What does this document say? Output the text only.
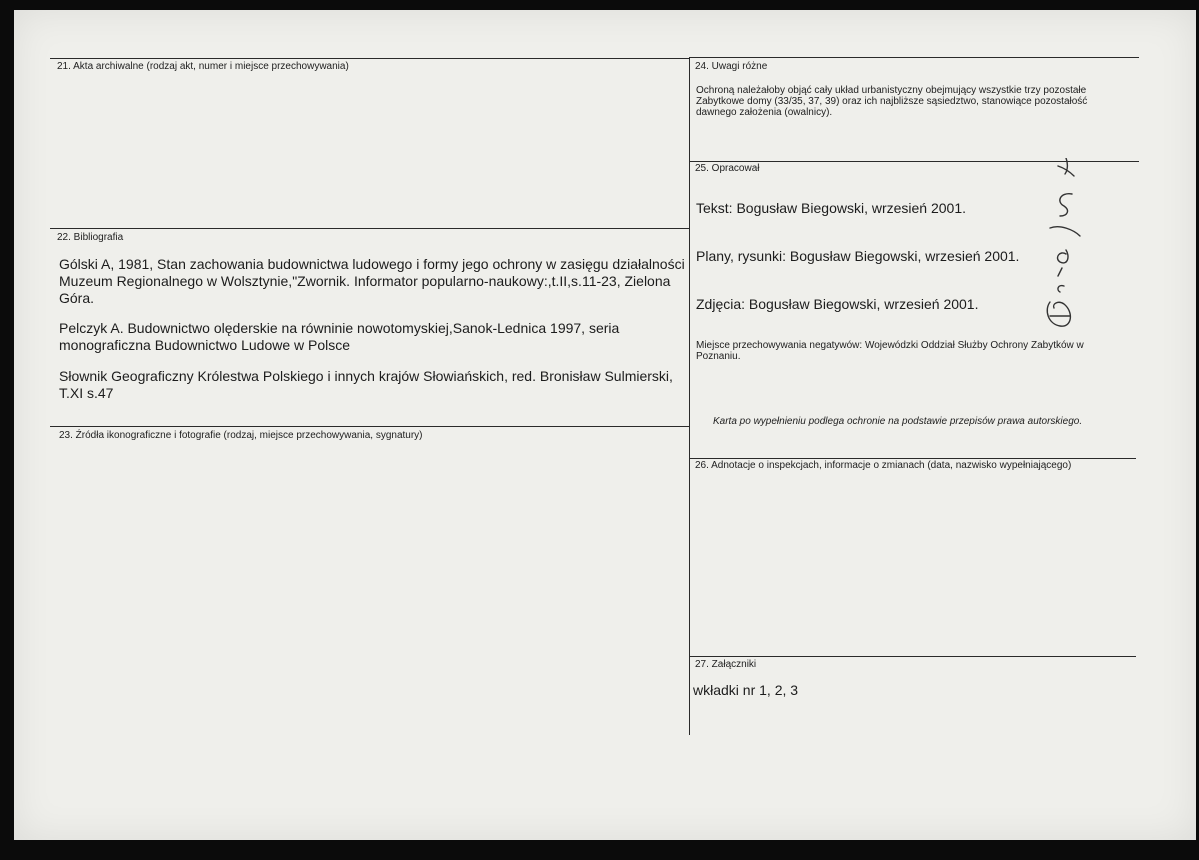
21. Akta archiwalne (rodzaj akt, numer i miejsce przechowywania)
22. Bibliografia
Gólski A, 1981, Stan zachowania budownictwa ludowego i formy jego ochrony w zasięgu działalności Muzeum Regionalnego w Wolsztynie,"Zwornik. Informator popularno-naukowy:,t.II,s.11-23, Zielona Góra.
Pelczyk A. Budownictwo olęderskie na równinie nowotomyskiej,Sanok-Lednica 1997, seria monograficzna Budownictwo Ludowe w Polsce
Słownik Geograficzny Królestwa Polskiego i innych krajów Słowiańskich, red. Bronisław Sulmierski, T.XI s.47
23. Źródła ikonograficzne i fotografie (rodzaj, miejsce przechowywania, sygnatury)
24. Uwagi różne
Ochroną należałoby objąć cały układ urbanistyczny obejmujący wszystkie trzy pozostałe Zabytkowe domy (33/35, 37, 39) oraz ich najbliższe sąsiedztwo, stanowiące pozostałość dawnego założenia (owalnicy).
25. Opracował
Tekst: Bogusław Biegowski, wrzesień 2001.
Plany, rysunki: Bogusław Biegowski, wrzesień 2001.
Zdjęcia: Bogusław Biegowski, wrzesień 2001.
Miejsce przechowywania negatywów: Wojewódzki Oddział Służby Ochrony Zabytków w Poznaniu.
Karta po wypełnieniu podlega ochronie na podstawie przepisów prawa autorskiego.
26. Adnotacje o inspekcjach, informacje o zmianach (data, nazwisko wypełniającego)
27. Załączniki
wkładki nr 1, 2, 3
